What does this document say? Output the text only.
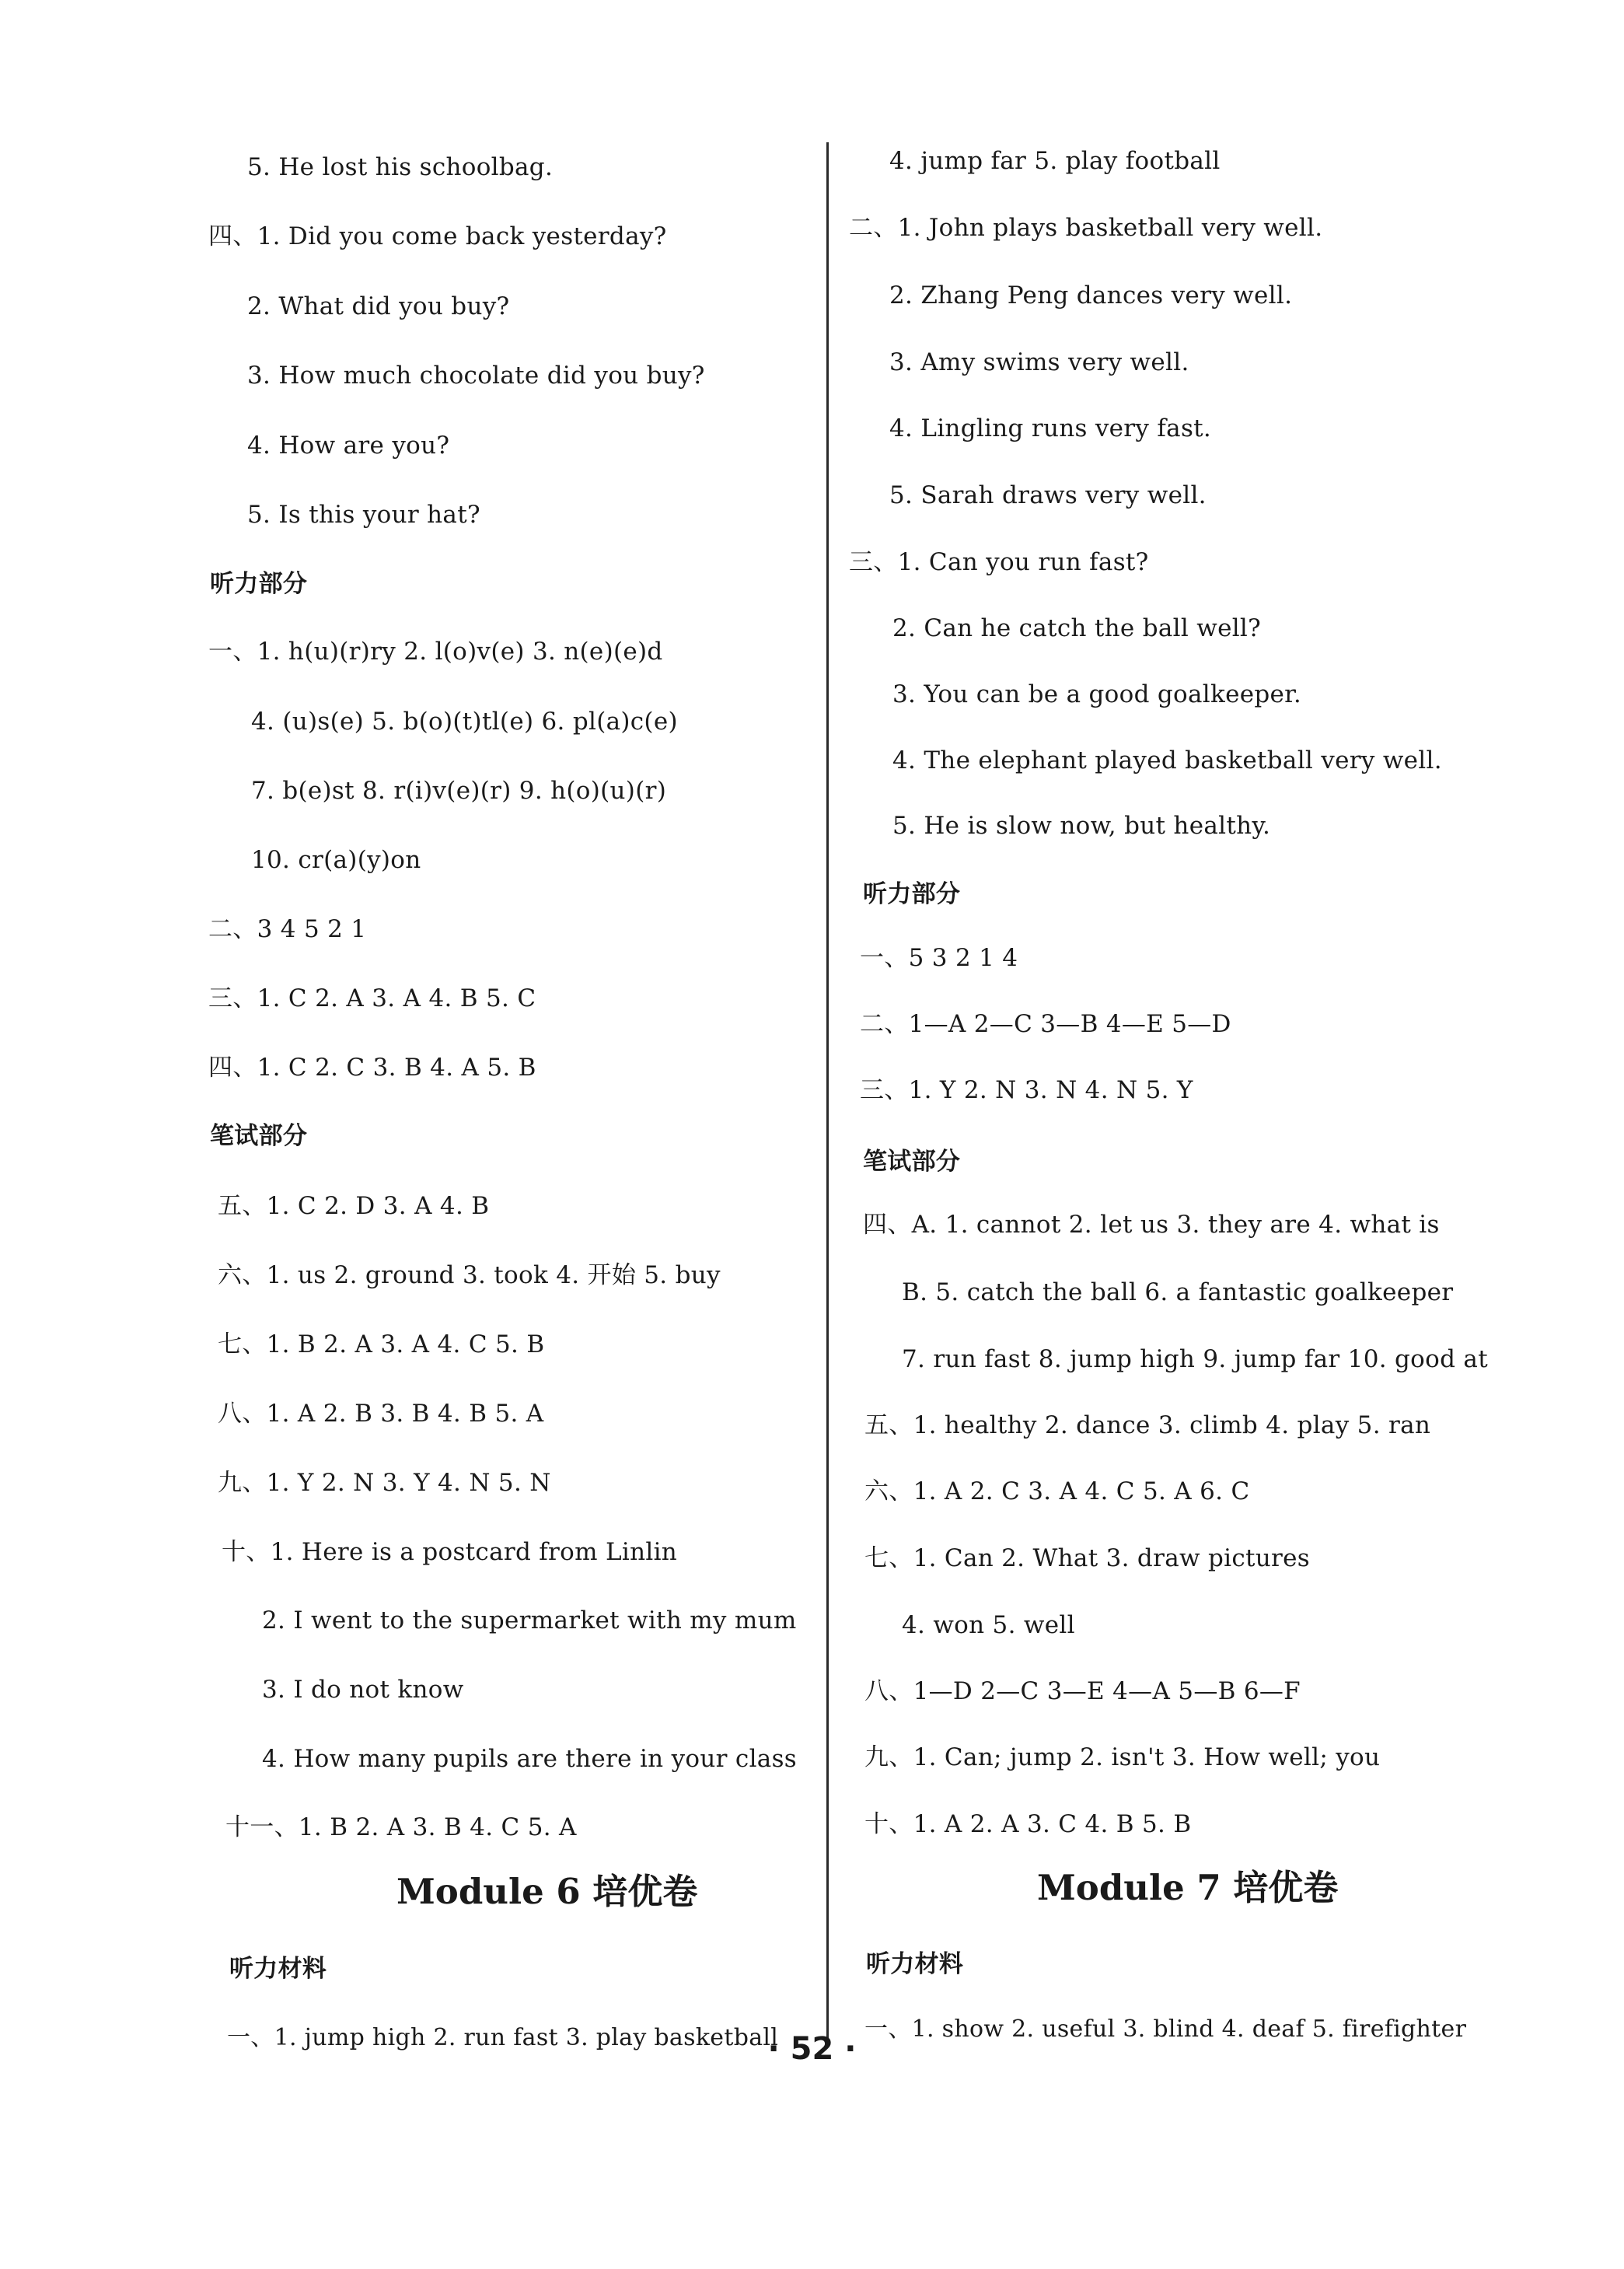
5. He lost his schoolbag.
四、1. Did you come back yesterday?
2. What did you buy?
3. How much chocolate did you buy?
4. How are you?
5. Is this your hat?
听力部分
一、1. h(u)(r)ry 2. l(o)v(e) 3. n(e)(e)d
4. (u)s(e) 5. b(o)(t)tl(e) 6. pl(a)c(e)
7. b(e)st 8. r(i)v(e)(r) 9. h(o)(u)(r)
10. cr(a)(y)on
二、3 4 5 2 1
三、1. C 2. A 3. A 4. B 5. C
四、1. C 2. C 3. B 4. A 5. B
笔试部分
五、1. C 2. D 3. A 4. B
六、1. us 2. ground 3. took 4. 开始 5. buy
七、1. B 2. A 3. A 4. C 5. B
八、1. A 2. B 3. B 4. B 5. A
九、1. Y 2. N 3. Y 4. N 5. N
十、1. Here is a postcard from Linlin
2. I went to the supermarket with my mum
3. I do not know
4. How many pupils are there in your class
十一、1. B 2. A 3. B 4. C 5. A
Module 6 培优卷
听力材料
一、1. jump high 2. run fast 3. play basketball
4. jump far 5. play football
二、1. John plays basketball very well.
2. Zhang Peng dances very well.
3. Amy swims very well.
4. Lingling runs very fast.
5. Sarah draws very well.
三、1. Can you run fast?
2. Can he catch the ball well?
3. You can be a good goalkeeper.
4. The elephant played basketball very well.
5. He is slow now, but healthy.
听力部分
一、5 3 2 1 4
二、1—A 2—C 3—B 4—E 5—D
三、1. Y 2. N 3. N 4. N 5. Y
笔试部分
四、A. 1. cannot 2. let us 3. they are 4. what is
B. 5. catch the ball 6. a fantastic goalkeeper
7. run fast 8. jump high 9. jump far 10. good at
五、1. healthy 2. dance 3. climb 4. play 5. ran
六、1. A 2. C 3. A 4. C 5. A 6. C
七、1. Can 2. What 3. draw pictures
4. won 5. well
八、1—D 2—C 3—E 4—A 5—B 6—F
九、1. Can; jump 2. isn't 3. How well; you
十、1. A 2. A 3. C 4. B 5. B
Module 7 培优卷
听力材料
一、1. show 2. useful 3. blind 4. deaf 5. firefighter
· 52 ·
